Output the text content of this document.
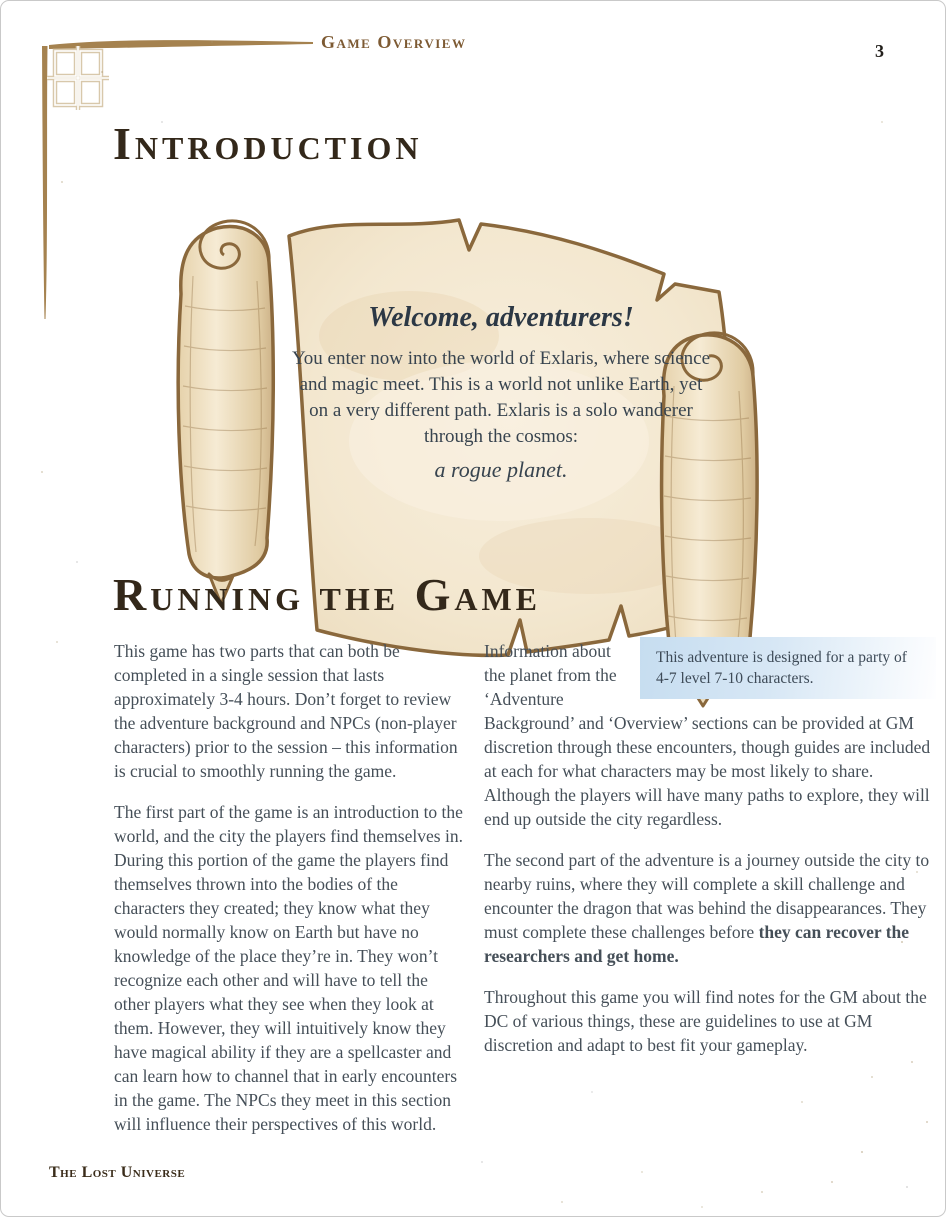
Game Overview	3
Introduction
Welcome, adventurers!
You enter now into the world of Exlaris, where science and magic meet. This is a world not unlike Earth, yet on a very different path. Exlaris is a solo wanderer through the cosmos:
a rogue planet.
Running the Game

This game has two parts that can both be completed in a single session that lasts approximately 3-4 hours. Don’t forget to review the adventure background and NPCs (non-player characters) prior to the session – this information is crucial to smoothly running the game.

The first part of the game is an introduction to the world, and the city the players find themselves in. During this portion of the game the players find themselves thrown into the bodies of the characters they created; they know what they would normally know on Earth but have no knowledge of the place they’re in. They won’t recognize each other and will have to tell the other players what they see when they look at them. However, they will intuitively know they have magical ability if they are a spellcaster and can learn how to channel that in early encounters in the game. The NPCs they meet in this section will influence their perspectives of this world.

This adventure is designed for a party of 4-7 level 7-10 characters.
Information about the planet from the ‘Adventure Background’ and ‘Overview’ sections can be provided at GM discretion through these encounters, though guides are included at each for what characters may be most likely to share. Although the players will have many paths to explore, they will end up outside the city regardless.

The second part of the adventure is a journey outside the city to nearby ruins, where they will complete a skill challenge and encounter the dragon that was behind the disappearances. They must complete these challenges before they can recover the researchers and get home.

Throughout this game you will find notes for the GM about the DC of various things, these are guidelines to use at GM discretion and adapt to best fit your gameplay.

The Lost Universe
